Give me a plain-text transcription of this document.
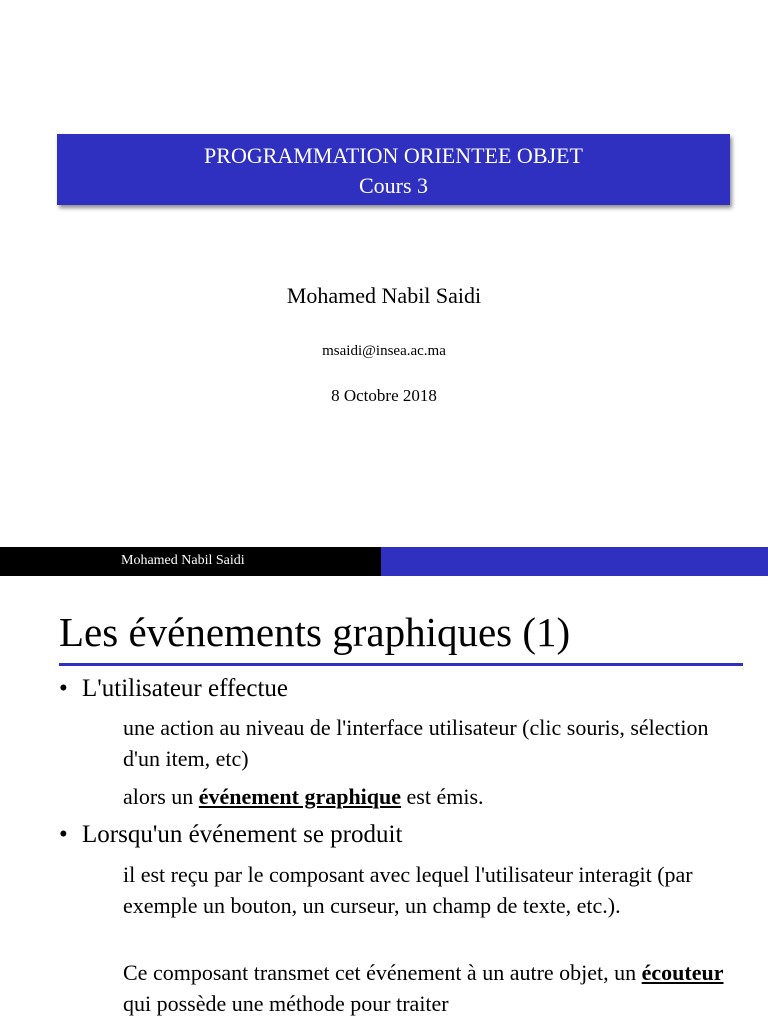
PROGRAMMATION ORIENTEE OBJET
Cours 3
Mohamed Nabil Saidi
msaidi@insea.ac.ma
8 Octobre 2018
Mohamed Nabil Saidi
Les événements graphiques (1)
• L'utilisateur effectue
une action au niveau de l'interface utilisateur (clic souris, sélection d'un item, etc)
alors un événement graphique est émis.
• Lorsqu'un événement se produit
il est reçu par le composant avec lequel l'utilisateur interagit (par exemple un bouton, un curseur, un champ de texte, etc.).
Ce composant transmet cet événement à un autre objet, un écouteur qui possède une méthode pour traiter
